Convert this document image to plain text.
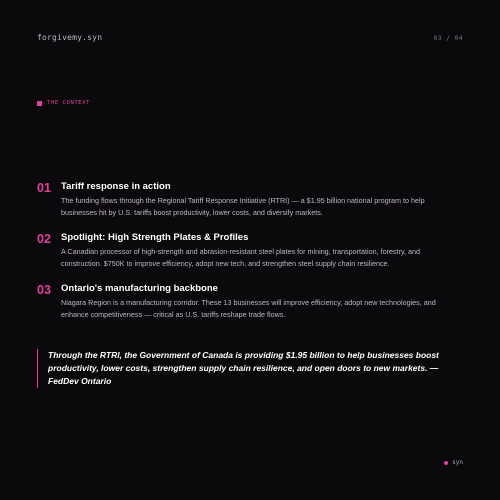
forgivemy.syn	03 / 04
THE CONTEXT
01	Tariff response in action
The funding flows through the Regional Tariff Response Initiative (RTRI) — a $1.95 billion national program to help businesses hit by U.S. tariffs boost productivity, lower costs, and diversify markets.
02	Spotlight: High Strength Plates & Profiles
A Canadian processor of high-strength and abrasion-resistant steel plates for mining, transportation, forestry, and construction. $750K to improve efficiency, adopt new tech, and strengthen steel supply chain resilience.
03	Ontario's manufacturing backbone
Niagara Region is a manufacturing corridor. These 13 businesses will improve efficiency, adopt new technologies, and enhance competitiveness — critical as U.S. tariffs reshape trade flows.
Through the RTRI, the Government of Canada is providing $1.95 billion to help businesses boost productivity, lower costs, strengthen supply chain resilience, and open doors to new markets. — FedDev Ontario
syn
